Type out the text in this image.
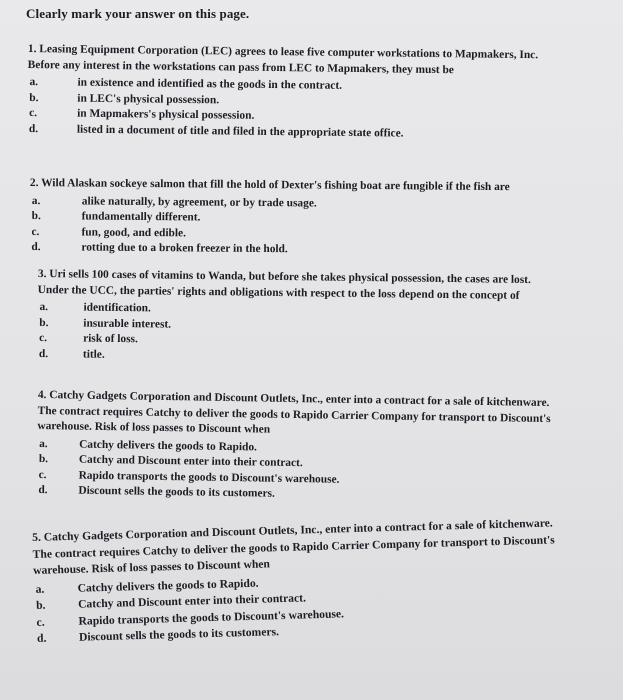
Clearly mark your answer on this page.

1. Leasing Equipment Corporation (LEC) agrees to lease five computer workstations to Mapmakers, Inc.
Before any interest in the workstations can pass from LEC to Mapmakers, they must be

a.	in existence and identified as the goods in the contract.
b.	in LEC's physical possession.
c.	in Mapmakers's physical possession.
d.	listed in a document of title and filed in the appropriate state office.

2. Wild Alaskan sockeye salmon that fill the hold of Dexter's fishing boat are fungible if the fish are

a.	alike naturally, by agreement, or by trade usage.
b.	fundamentally different.
c.	fun, good, and edible.
d.	rotting due to a broken freezer in the hold.

3. Uri sells 100 cases of vitamins to Wanda, but before she takes physical possession, the cases are lost.
Under the UCC, the parties' rights and obligations with respect to the loss depend on the concept of

a.	identification.
b.	insurable interest.
c.	risk of loss.
d.	title.

4. Catchy Gadgets Corporation and Discount Outlets, Inc., enter into a contract for a sale of kitchenware.
The contract requires Catchy to deliver the goods to Rapido Carrier Company for transport to Discount's
warehouse. Risk of loss passes to Discount when

a.	Catchy delivers the goods to Rapido.
b.	Catchy and Discount enter into their contract.
c.	Rapido transports the goods to Discount's warehouse.
d.	Discount sells the goods to its customers.

5. Catchy Gadgets Corporation and Discount Outlets, Inc., enter into a contract for a sale of kitchenware.
The contract requires Catchy to deliver the goods to Rapido Carrier Company for transport to Discount's
warehouse. Risk of loss passes to Discount when

a.	Catchy delivers the goods to Rapido.
b.	Catchy and Discount enter into their contract.
c.	Rapido transports the goods to Discount's warehouse.
d.	Discount sells the goods to its customers.
